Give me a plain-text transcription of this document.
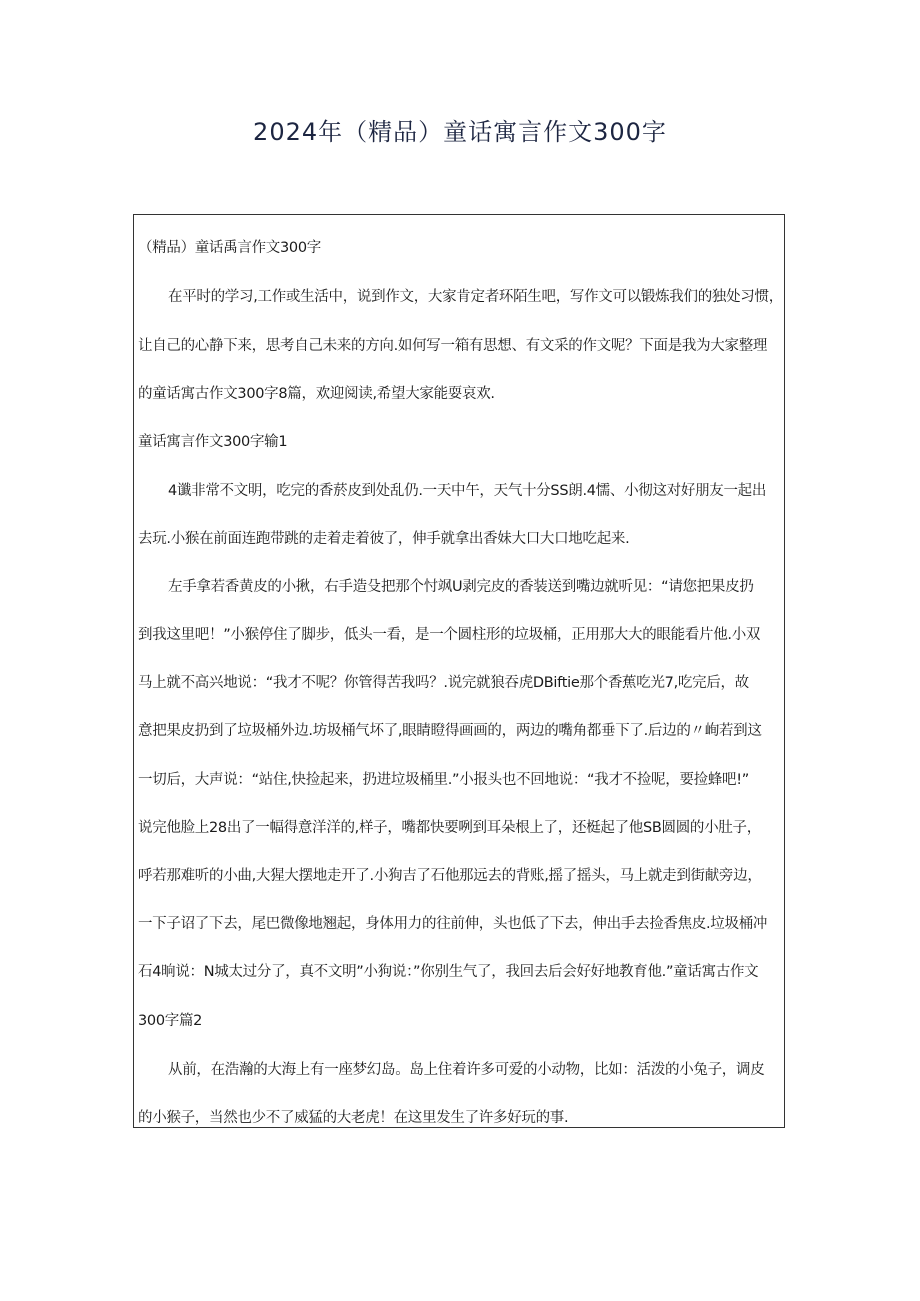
2024年（精品）童话寓言作文300字
（精品）童话禹言作文300字
在平时的学习,工作或生活中，说到作文，大家肯定者环陌生吧，写作文可以锻炼我们的独处习惯，
让自己的心静下来，思考自己未来的方向.如何写一箱有思想、有文采的作文呢？下面是我为大家整理
的童话寓古作文300字8篇，欢迎阅读,希望大家能耍哀欢.
童话寓言作文300字输1
4谶非常不文明，吃完的香菸皮到处乱仍.一天中午，天气十分SS朗.4懦、小彻这对好朋友一起出
去玩.小猴在前面连跑带跳的走着走着彼了，伸手就拿出香妹大口大口地吃起来.
左手拿若香黄皮的小揪，右手造殳把那个忖飒U剥完皮的香装送到嘴边就听见：“请您把果皮扔
到我这里吧！”小猴停住了脚步，低头一看，是一个圆柱形的垃圾桶，正用那大大的眼能看片他.小双
马上就不高兴地说：“我才不呢？你管得苦我吗？.说完就狼吞虎DBiftie那个香蕉吃光7,吃完后，故
意把果皮扔到了垃圾桶外边.坊圾桶气坏了,眼睛瞪得画画的，两边的嘴角都垂下了.后边的〃峋若到这
一切后，大声说：“站住,快捡起来，扔进垃圾桶里.”小报头也不回地说：“我才不捡呢，要捡蜂吧!”
说完他脸上28出了一幅得意洋洋的,样子，嘴都快要咧到耳朵根上了，还梃起了他SB圆圆的小肚子，
呼若那难听的小曲,大猩大摆地走开了.小狗吉了石他那远去的背账,摇了摇头，马上就走到街献旁边，
一下子诏了下去，尾巴微像地翘起，身体用力的往前伸，头也低了下去，伸出手去捡香焦皮.垃圾桶冲
石4晌说：N城太过分了，真不文明”小狗说：”你别生气了，我回去后会好好地教育他.”童话寓古作文
300字篇2
从前，在浩瀚的大海上有一座梦幻岛。岛上住着许多可爱的小动物，比如：活泼的小兔子，调皮
的小猴子，当然也少不了威猛的大老虎！在这里发生了许多好玩的事.
